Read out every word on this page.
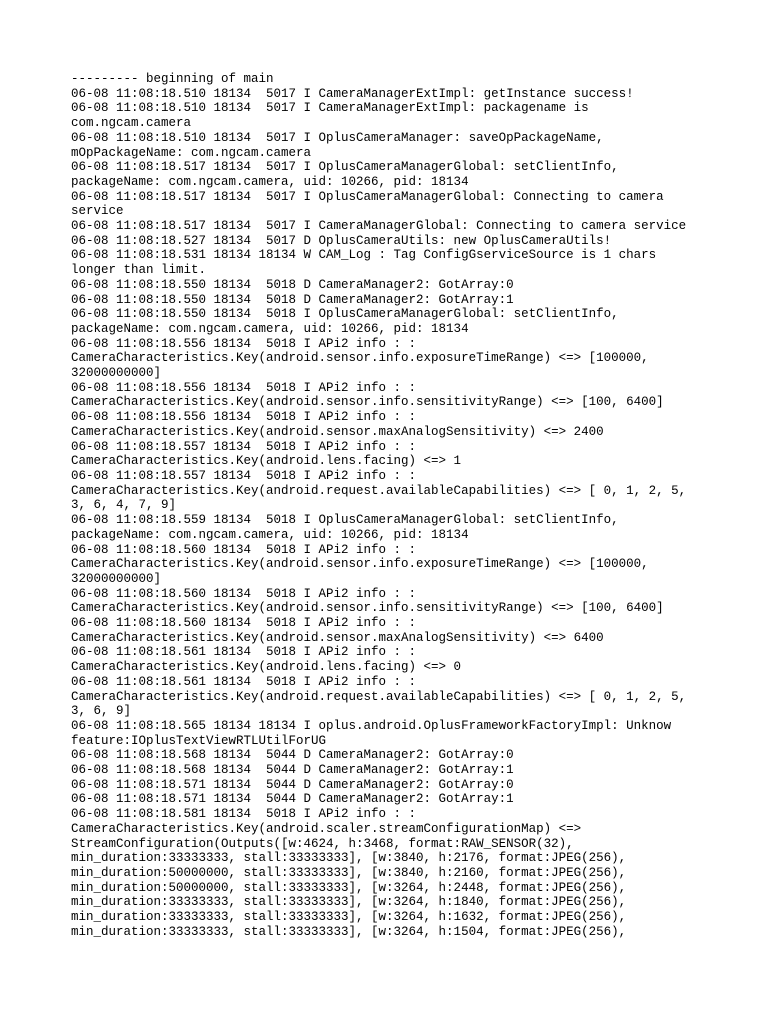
--------- beginning of main
06-08 11:08:18.510 18134  5017 I CameraManagerExtImpl: getInstance success!
06-08 11:08:18.510 18134  5017 I CameraManagerExtImpl: packagename is
com.ngcam.camera
06-08 11:08:18.510 18134  5017 I OplusCameraManager: saveOpPackageName,
mOpPackageName: com.ngcam.camera
06-08 11:08:18.517 18134  5017 I OplusCameraManagerGlobal: setClientInfo,
packageName: com.ngcam.camera, uid: 10266, pid: 18134
06-08 11:08:18.517 18134  5017 I OplusCameraManagerGlobal: Connecting to camera
service
06-08 11:08:18.517 18134  5017 I CameraManagerGlobal: Connecting to camera service
06-08 11:08:18.527 18134  5017 D OplusCameraUtils: new OplusCameraUtils!
06-08 11:08:18.531 18134 18134 W CAM_Log : Tag ConfigGserviceSource is 1 chars
longer than limit.
06-08 11:08:18.550 18134  5018 D CameraManager2: GotArray:0
06-08 11:08:18.550 18134  5018 D CameraManager2: GotArray:1
06-08 11:08:18.550 18134  5018 I OplusCameraManagerGlobal: setClientInfo,
packageName: com.ngcam.camera, uid: 10266, pid: 18134
06-08 11:08:18.556 18134  5018 I APi2 info : :
CameraCharacteristics.Key(android.sensor.info.exposureTimeRange) <=> [100000,
32000000000]
06-08 11:08:18.556 18134  5018 I APi2 info : :
CameraCharacteristics.Key(android.sensor.info.sensitivityRange) <=> [100, 6400]
06-08 11:08:18.556 18134  5018 I APi2 info : :
CameraCharacteristics.Key(android.sensor.maxAnalogSensitivity) <=> 2400
06-08 11:08:18.557 18134  5018 I APi2 info : :
CameraCharacteristics.Key(android.lens.facing) <=> 1
06-08 11:08:18.557 18134  5018 I APi2 info : :
CameraCharacteristics.Key(android.request.availableCapabilities) <=> [ 0, 1, 2, 5,
3, 6, 4, 7, 9]
06-08 11:08:18.559 18134  5018 I OplusCameraManagerGlobal: setClientInfo,
packageName: com.ngcam.camera, uid: 10266, pid: 18134
06-08 11:08:18.560 18134  5018 I APi2 info : :
CameraCharacteristics.Key(android.sensor.info.exposureTimeRange) <=> [100000,
32000000000]
06-08 11:08:18.560 18134  5018 I APi2 info : :
CameraCharacteristics.Key(android.sensor.info.sensitivityRange) <=> [100, 6400]
06-08 11:08:18.560 18134  5018 I APi2 info : :
CameraCharacteristics.Key(android.sensor.maxAnalogSensitivity) <=> 6400
06-08 11:08:18.561 18134  5018 I APi2 info : :
CameraCharacteristics.Key(android.lens.facing) <=> 0
06-08 11:08:18.561 18134  5018 I APi2 info : :
CameraCharacteristics.Key(android.request.availableCapabilities) <=> [ 0, 1, 2, 5,
3, 6, 9]
06-08 11:08:18.565 18134 18134 I oplus.android.OplusFrameworkFactoryImpl: Unknow
feature:IOplusTextViewRTLUtilForUG
06-08 11:08:18.568 18134  5044 D CameraManager2: GotArray:0
06-08 11:08:18.568 18134  5044 D CameraManager2: GotArray:1
06-08 11:08:18.571 18134  5044 D CameraManager2: GotArray:0
06-08 11:08:18.571 18134  5044 D CameraManager2: GotArray:1
06-08 11:08:18.581 18134  5018 I APi2 info : :
CameraCharacteristics.Key(android.scaler.streamConfigurationMap) <=>
StreamConfiguration(Outputs([w:4624, h:3468, format:RAW_SENSOR(32),
min_duration:33333333, stall:33333333], [w:3840, h:2176, format:JPEG(256),
min_duration:50000000, stall:33333333], [w:3840, h:2160, format:JPEG(256),
min_duration:50000000, stall:33333333], [w:3264, h:2448, format:JPEG(256),
min_duration:33333333, stall:33333333], [w:3264, h:1840, format:JPEG(256),
min_duration:33333333, stall:33333333], [w:3264, h:1632, format:JPEG(256),
min_duration:33333333, stall:33333333], [w:3264, h:1504, format:JPEG(256),
